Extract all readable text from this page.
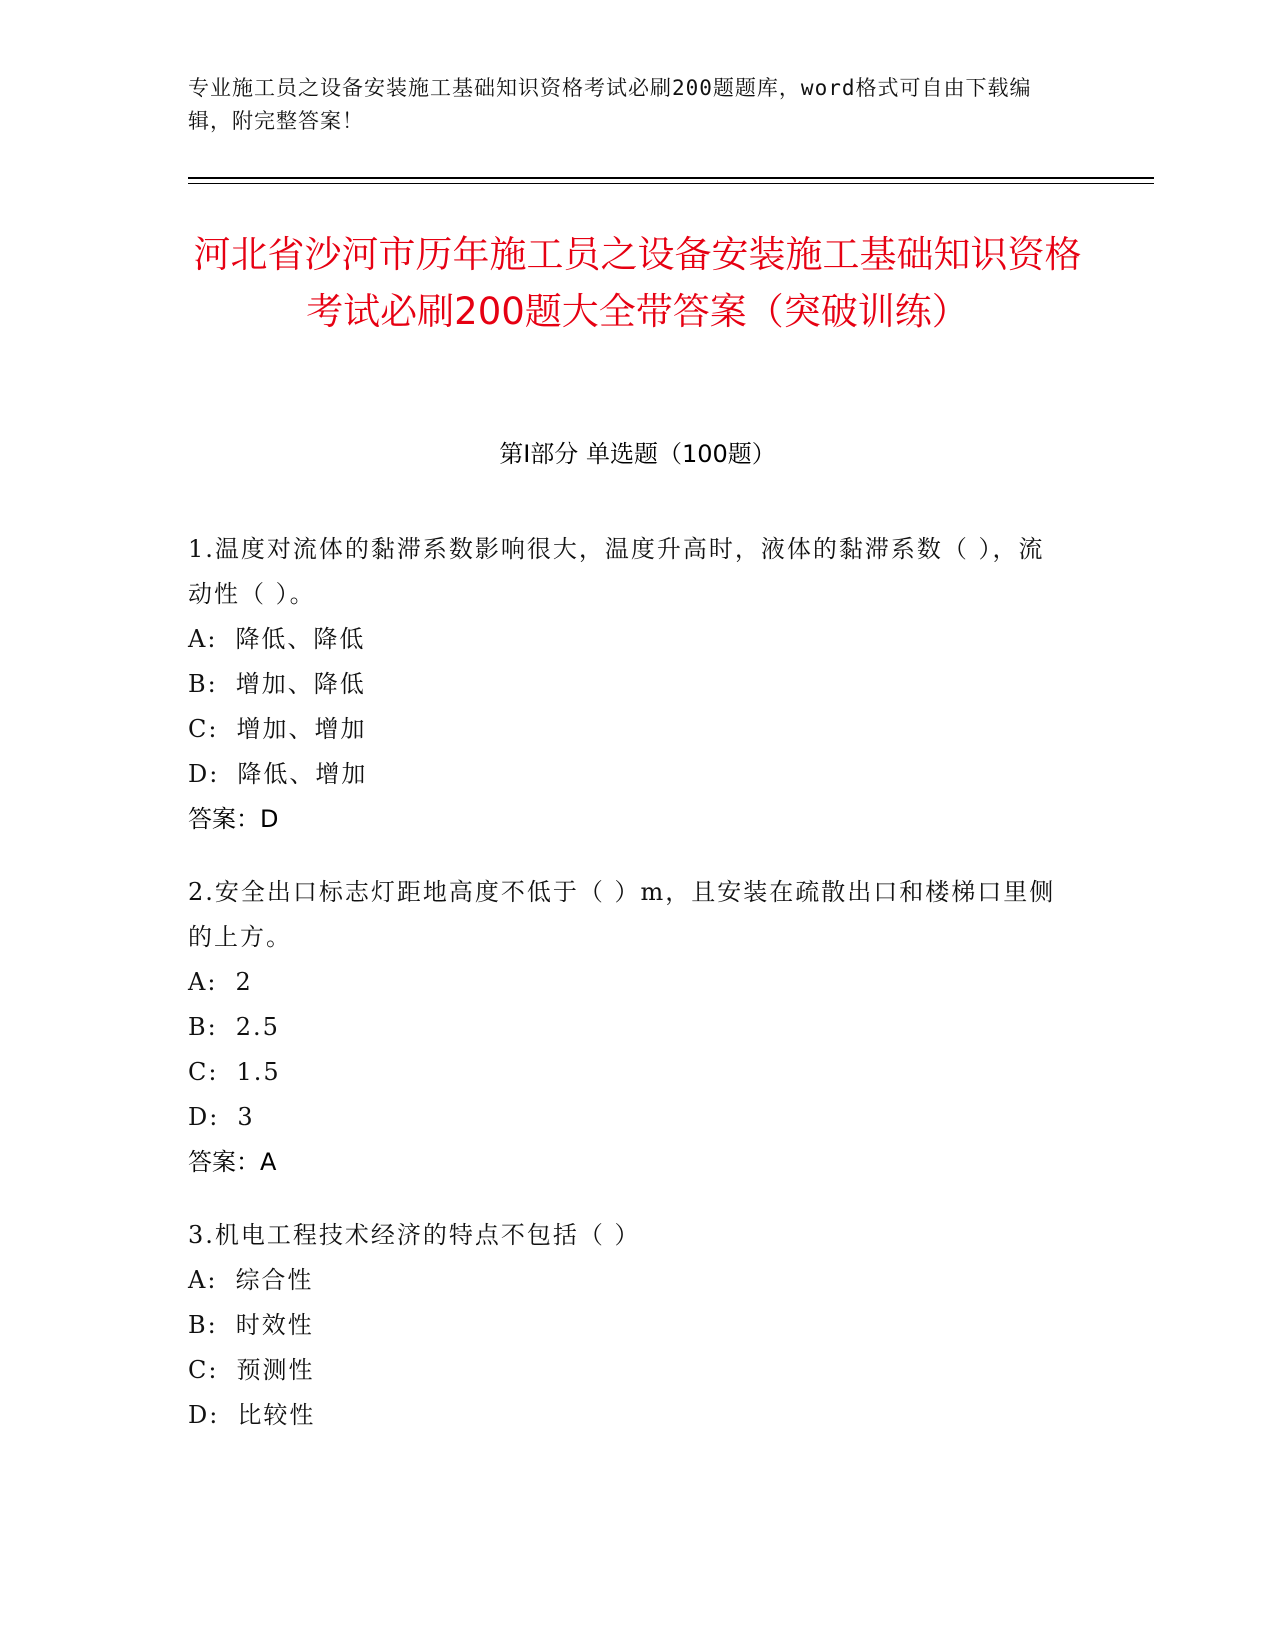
专业施工员之设备安装施工基础知识资格考试必刷200题题库，word格式可自由下载编辑，附完整答案！
河北省沙河市历年施工员之设备安装施工基础知识资格考试必刷200题大全带答案（突破训练）
第Ⅰ部分 单选题（100题）
1.温度对流体的黏滞系数影响很大，温度升高时，液体的黏滞系数（ ），流动性（ ）。
A: 降低、降低
B: 增加、降低
C: 增加、增加
D: 降低、增加
答案：D
2.安全出口标志灯距地高度不低于（ ）m，且安装在疏散出口和楼梯口里侧的上方。
A: 2
B: 2.5
C: 1.5
D: 3
答案：A
3.机电工程技术经济的特点不包括（ ）
A: 综合性
B: 时效性
C: 预测性
D: 比较性
